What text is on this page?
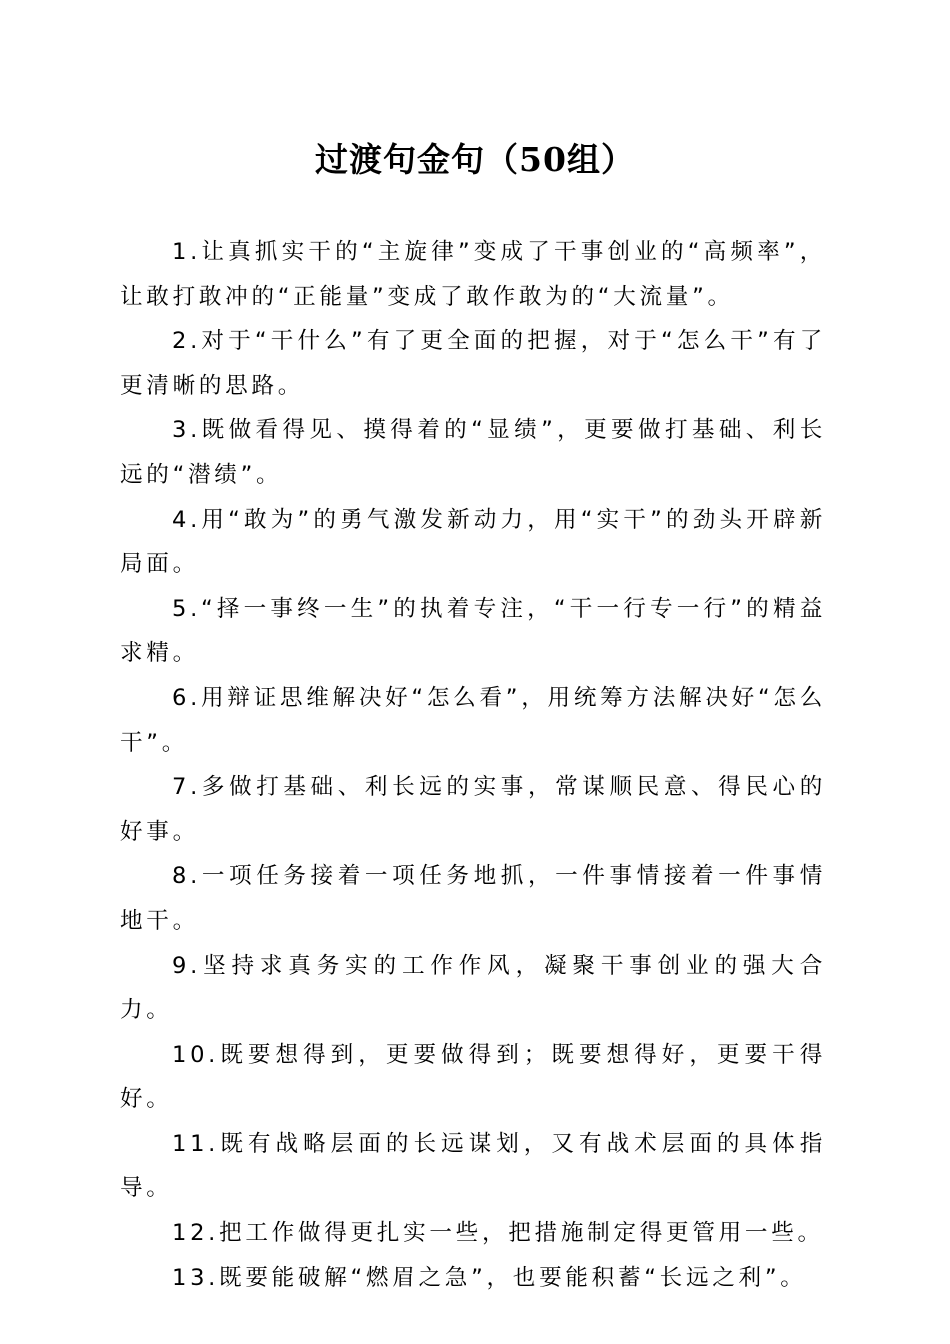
过渡句金句（50组）

1.让真抓实干的“主旋律”变成了干事创业的“高频率”，让敢打敢冲的“正能量”变成了敢作敢为的“大流量”。

2.对于“干什么”有了更全面的把握，对于“怎么干”有了更清晰的思路。

3.既做看得见、摸得着的“显绩”，更要做打基础、利长远的“潜绩”。

4.用“敢为”的勇气激发新动力，用“实干”的劲头开辟新局面。

5.“择一事终一生”的执着专注，“干一行专一行”的精益求精。

6.用辩证思维解决好“怎么看”，用统筹方法解决好“怎么干”。

7.多做打基础、利长远的实事，常谋顺民意、得民心的好事。

8.一项任务接着一项任务地抓，一件事情接着一件事情地干。

9.坚持求真务实的工作作风，凝聚干事创业的强大合力。

10.既要想得到，更要做得到；既要想得好，更要干得好。

11.既有战略层面的长远谋划，又有战术层面的具体指导。

12.把工作做得更扎实一些，把措施制定得更管用一些。

13.既要能破解“燃眉之急”，也要能积蓄“长远之利”。
